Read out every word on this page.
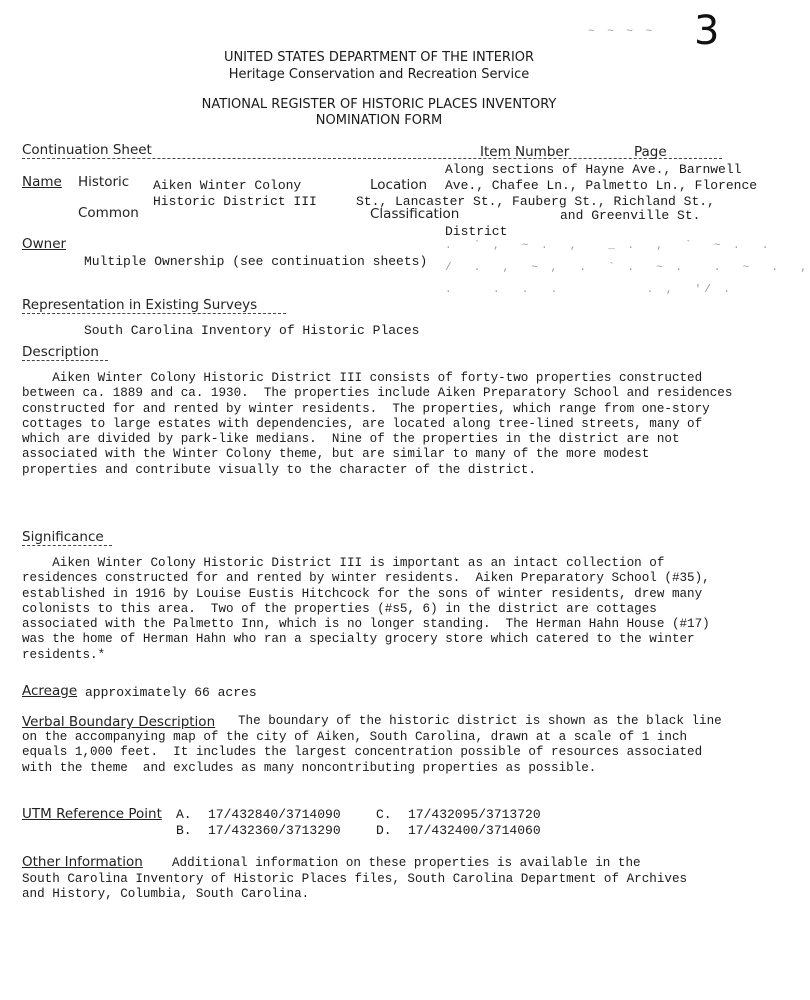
~ ~ ~ ~ 3
UNITED STATES DEPARTMENT OF THE INTERIOR
Heritage Conservation and Recreation Service
NATIONAL REGISTER OF HISTORIC PLACES INVENTORY
NOMINATION FORM
Continuation Sheet	Item Number	Page
Name Historic Aiken Winter Colony
Historic District III
Common
Location
Along sections of Hayne Ave., Barnwell
Ave., Chafee Ln., Palmetto Ln., Florence
St., Lancaster St., Fauberg St., Richland St.,
and Greenville St.
Classification
District
.  ` ,  ~ .  ,   _ .  ,  `  ~ .  .
/  .  ,  ~ ,  .  ` .  ~ .   .  ~  .  ,
.    .  .  .         . ,  '/ .
Owner
Multiple Ownership (see continuation sheets)
Representation in Existing Surveys
South Carolina Inventory of Historic Places
Description
Aiken Winter Colony Historic District III consists of forty-two properties constructed
between ca. 1889 and ca. 1930.  The properties include Aiken Preparatory School and residences
constructed for and rented by winter residents.  The properties, which range from one-story
cottages to large estates with dependencies, are located along tree-lined streets, many of
which are divided by park-like medians.  Nine of the properties in the district are not
associated with the Winter Colony theme, but are similar to many of the more modest
properties and contribute visually to the character of the district.
Significance
Aiken Winter Colony Historic District III is important as an intact collection of
residences constructed for and rented by winter residents.  Aiken Preparatory School (#35),
established in 1916 by Louise Eustis Hitchcock for the sons of winter residents, drew many
colonists to this area.  Two of the properties (#s5, 6) in the district are cottages
associated with the Palmetto Inn, which is no longer standing.  The Herman Hahn House (#17)
was the home of Herman Hahn who ran a specialty grocery store which catered to the winter
residents.*
Acreage approximately 66 acres
Verbal Boundary Description The boundary of the historic district is shown as the black line
on the accompanying map of the city of Aiken, South Carolina, drawn at a scale of 1 inch
equals 1,000 feet.  It includes the largest concentration possible of resources associated
with the theme  and excludes as many noncontributing properties as possible.
UTM Reference Point A. 17/432840/3714090
B. 17/432360/3713290
C. 17/432095/3713720
D. 17/432400/3714060
Other Information Additional information on these properties is available in the
South Carolina Inventory of Historic Places files, South Carolina Department of Archives
and History, Columbia, South Carolina.
